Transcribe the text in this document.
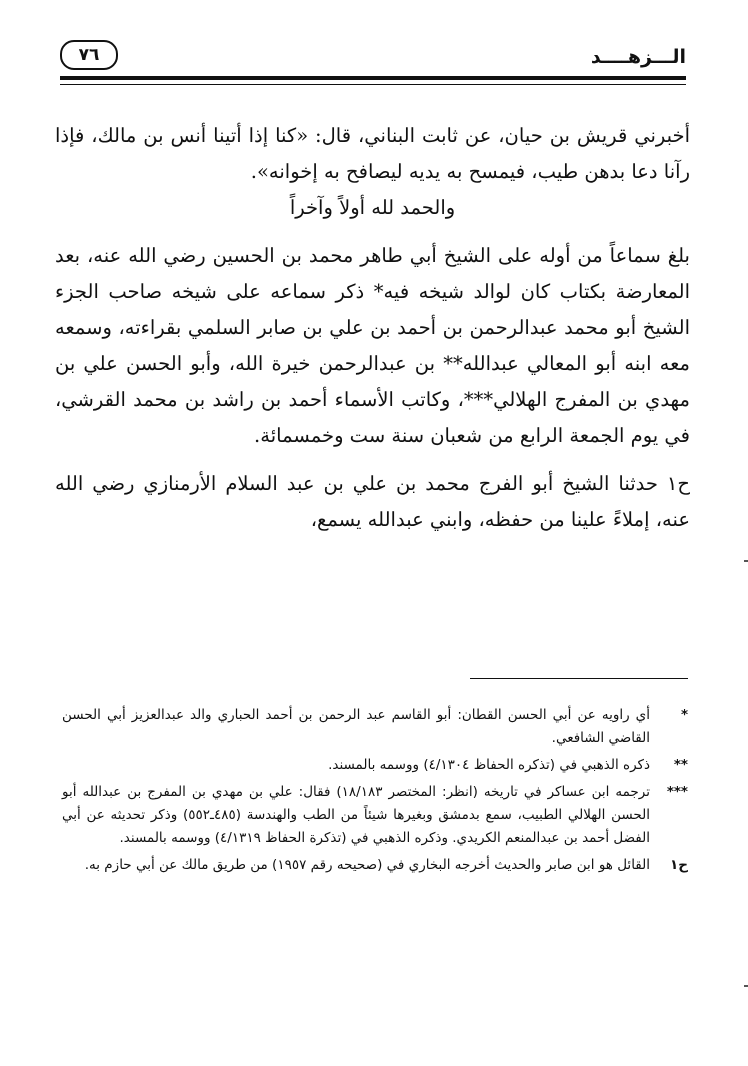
الـــزهــــد
٧٦

أخبرني قريش بن حيان، عن ثابت البناني، قال: «كنا إذا أتينا أنس بن مالك، فإذا رآنا دعا بدهن طيب، فيمسح به يديه ليصافح به إخوانه».

والحمد لله أولاً وآخراً

بلغ سماعاً من أوله على الشيخ أبي طاهر محمد بن الحسين رضي الله عنه، بعد المعارضة بكتاب كان لوالد شيخه فيه* ذكر سماعه على شيخه صاحب الجزء الشيخ أبو محمد عبدالرحمن بن أحمد بن علي بن صابر السلمي بقراءته، وسمعه معه ابنه أبو المعالي عبدالله** بن عبدالرحمن خيرة الله، وأبو الحسن علي بن مهدي بن المفرج الهلالي***، وكاتب الأسماء أحمد بن راشد بن محمد القرشي، في يوم الجمعة الرابع من شعبان سنة ست وخمسمائة.

ح١ حدثنا الشيخ أبو الفرج محمد بن علي بن عبد السلام الأرمنازي رضي الله عنه، إملاءً علينا من حفظه، وابني عبدالله يسمع،

*
أي راويه عن أبي الحسن القطان: أبو القاسم عبد الرحمن بن أحمد الحباري والد عبدالعزيز أبي الحسن القاضي الشافعي.
**
ذكره الذهبي في (تذكره الحفاظ ٤/١٣٠٤) ووسمه بالمسند.
***
ترجمه ابن عساكر في تاريخه (انظر: المختصر ١٨/١٨٣) فقال: علي بن مهدي بن المفرج بن عبدالله أبو الحسن الهلالي الطبيب، سمع بدمشق وبغيرها شيئاً من الطب والهندسة (٤٨٥ـ٥٥٢) وذكر تحديثه عن أبي الفضل أحمد بن عبدالمنعم الكريدي. وذكره الذهبي في (تذكرة الحفاظ ٤/١٣١٩) ووسمه بالمسند.
ح١
القائل هو ابن صابر والحديث أخرجه البخاري في (صحيحه رقم ١٩٥٧) من طريق مالك عن أبي حازم به.
